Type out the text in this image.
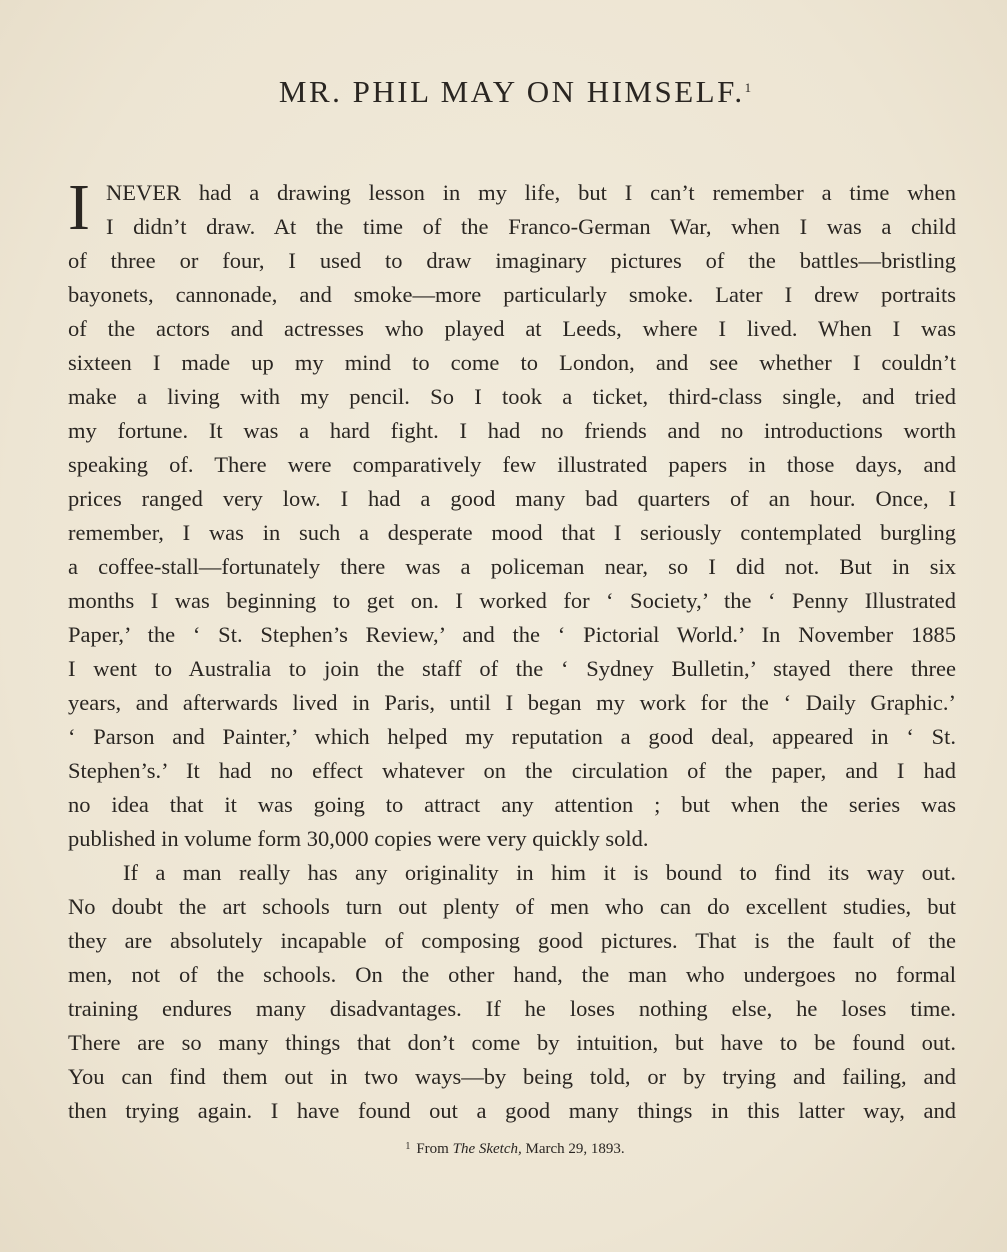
MR. PHIL MAY ON HIMSELF.$^1$
I NEVER had a drawing lesson in my life, but I can’t remember a time when
I didn’t draw. At the time of the Franco-German War, when I was a child
of three or four, I used to draw imaginary pictures of the battles—bristling
bayonets, cannonade, and smoke—more particularly smoke. Later I drew portraits
of the actors and actresses who played at Leeds, where I lived. When I was
sixteen I made up my mind to come to London, and see whether I couldn’t
make a living with my pencil. So I took a ticket, third-class single, and tried
my fortune. It was a hard fight. I had no friends and no introductions worth
speaking of. There were comparatively few illustrated papers in those days, and
prices ranged very low. I had a good many bad quarters of an hour. Once, I
remember, I was in such a desperate mood that I seriously contemplated burgling
a coffee-stall—fortunately there was a policeman near, so I did not. But in six
months I was beginning to get on. I worked for ‘ Society,’ the ‘ Penny Illustrated
Paper,’ the ‘ St. Stephen’s Review,’ and the ‘ Pictorial World.’ In November 1885
I went to Australia to join the staff of the ‘ Sydney Bulletin,’ stayed there three
years, and afterwards lived in Paris, until I began my work for the ‘ Daily Graphic.’
‘ Parson and Painter,’ which helped my reputation a good deal, appeared in ‘ St.
Stephen’s.’ It had no effect whatever on the circulation of the paper, and I had
no idea that it was going to attract any attention ; but when the series was
published in volume form 30,000 copies were very quickly sold.
If a man really has any originality in him it is bound to find its way out.
No doubt the art schools turn out plenty of men who can do excellent studies, but
they are absolutely incapable of composing good pictures. That is the fault of the
men, not of the schools. On the other hand, the man who undergoes no formal
training endures many disadvantages. If he loses nothing else, he loses time.
There are so many things that don’t come by intuition, but have to be found out.
You can find them out in two ways—by being told, or by trying and failing, and
then trying again. I have found out a good many things in this latter way, and
$^1$ From The Sketch, March 29, 1893.
